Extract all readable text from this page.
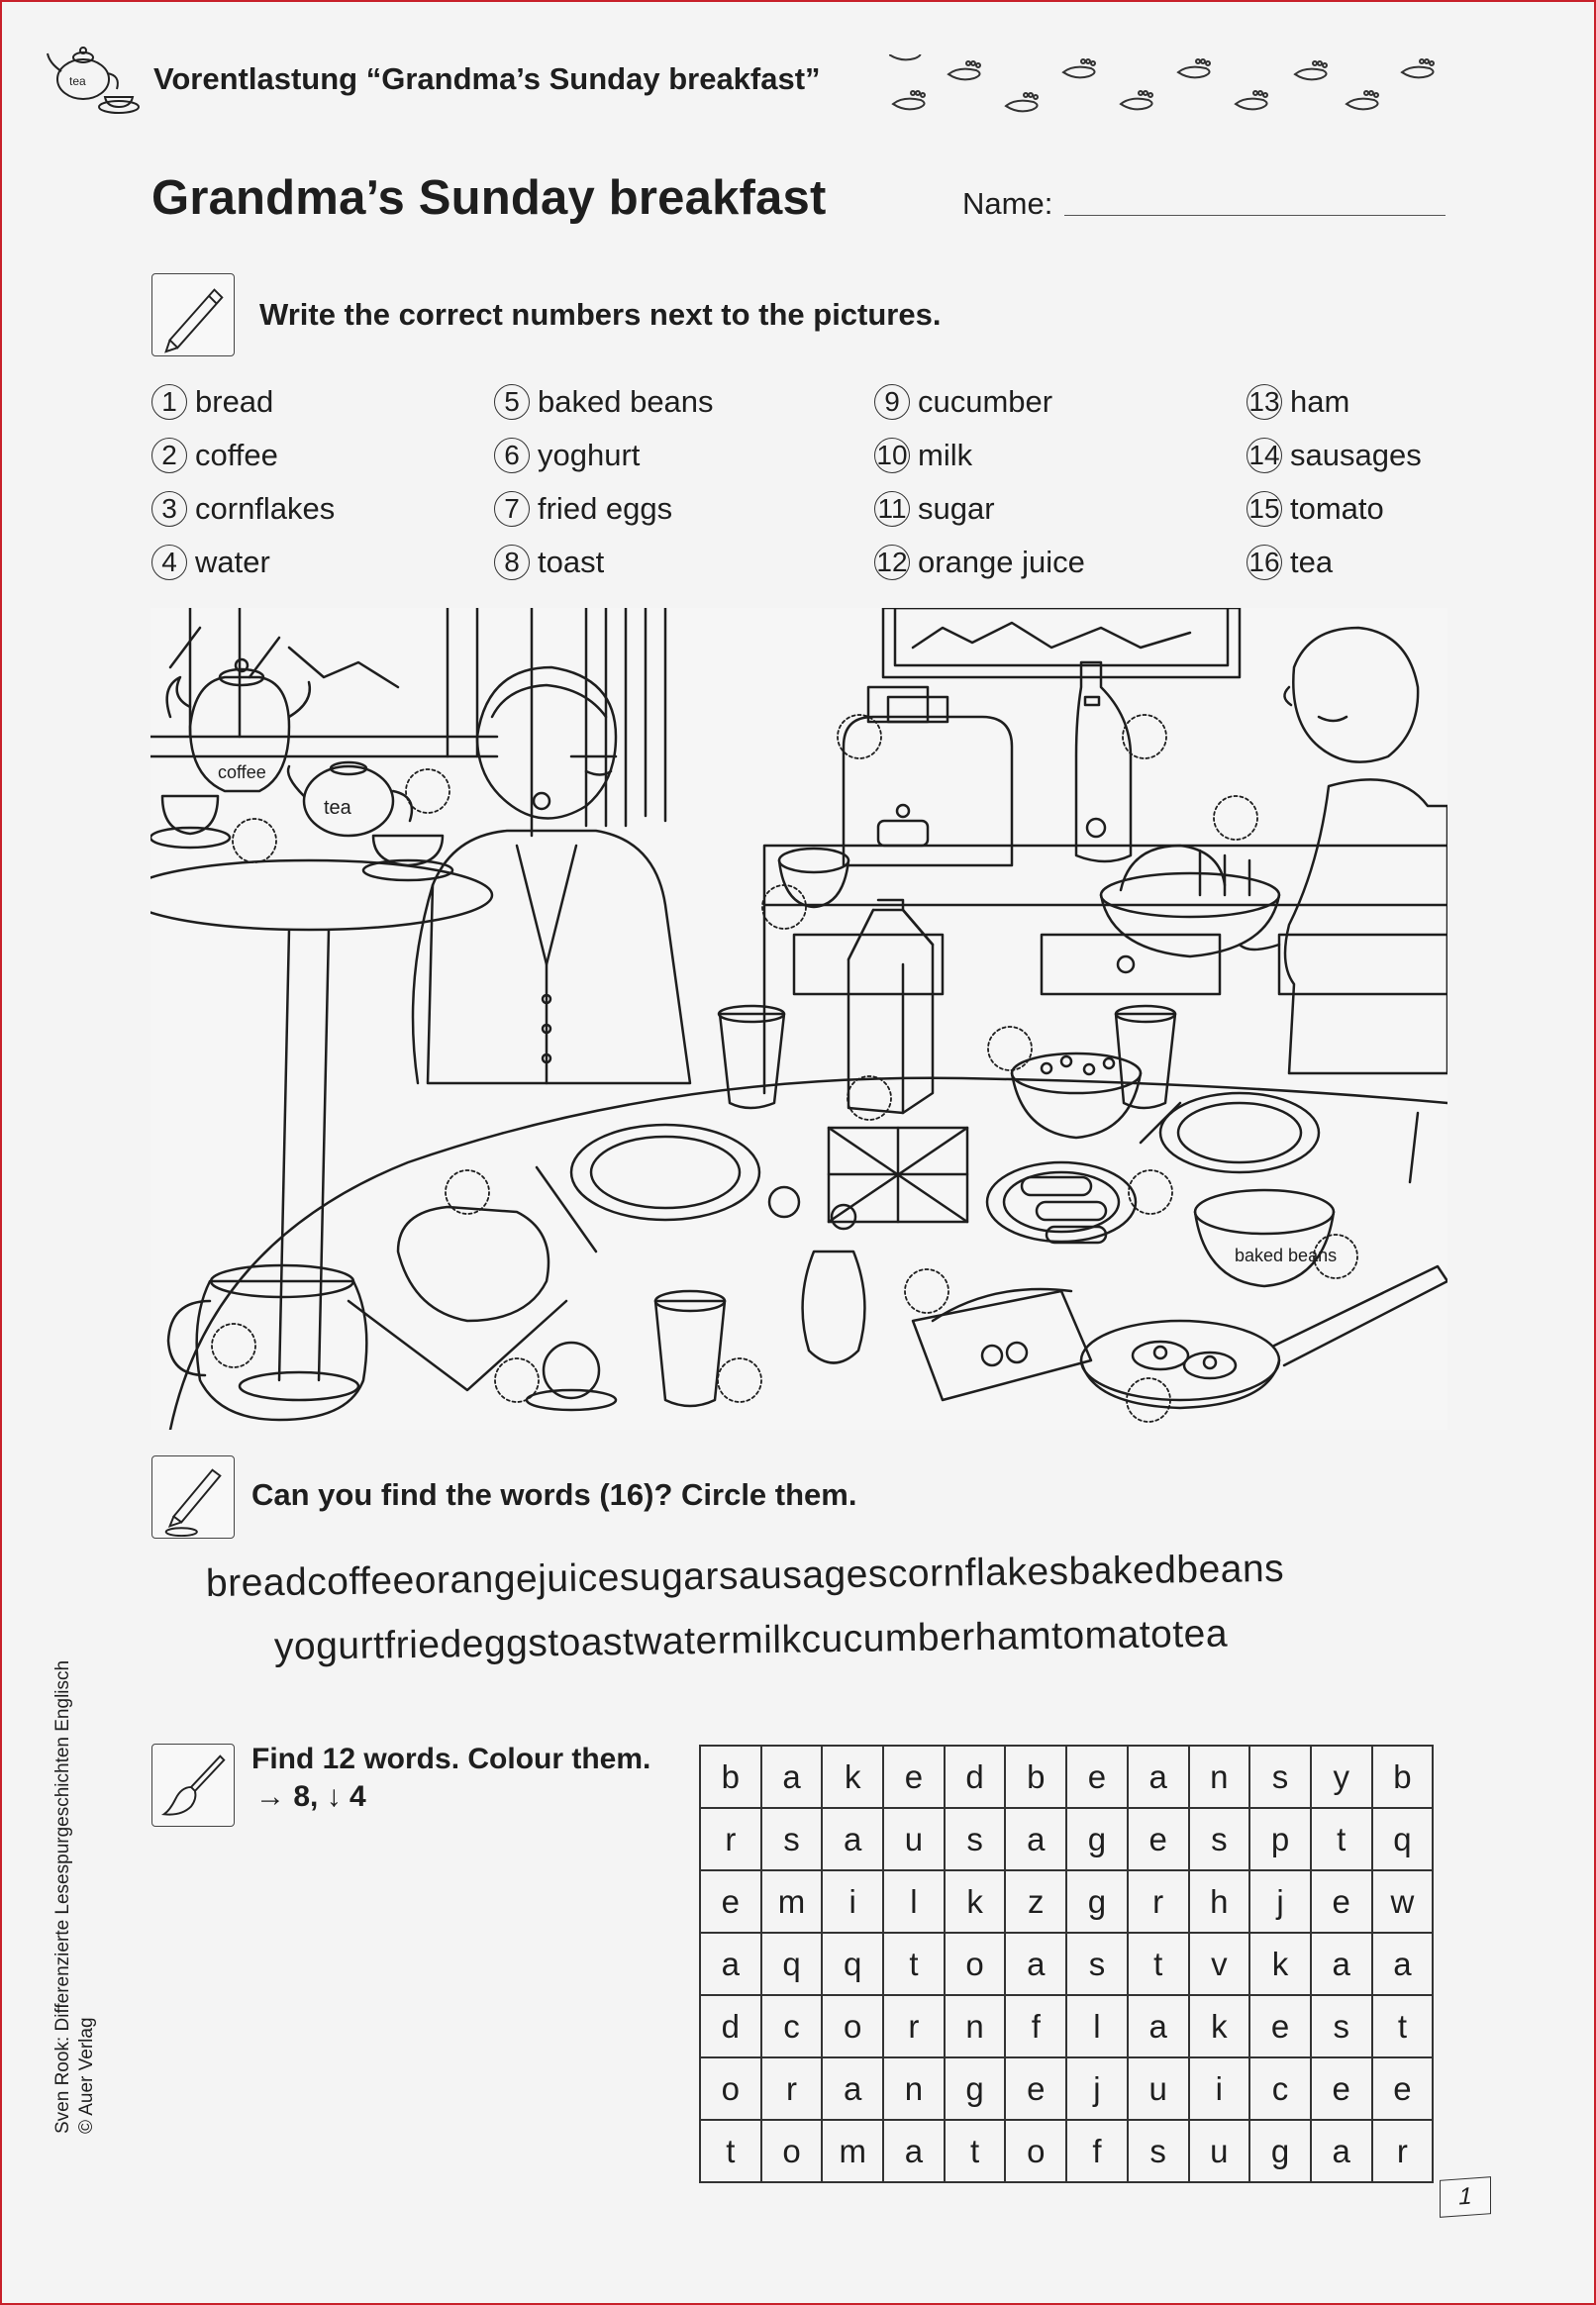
tea Vorentlastung “Grandma’s Sunday breakfast”
Grandma’s Sunday breakfast	Name:
Write the correct numbers next to the pictures.
1 bread
2 coffee
3 cornflakes
4 water
5 baked beans
6 yoghurt
7 fried eggs
8 toast
9 cucumber
10 milk
11 sugar
12 orange juice
13 ham
14 sausages
15 tomato
16 tea
coffee
tea
baked beans
Can you find the words (16)? Circle them.
breadcoffeeorangejuicesugarsausagescornflakesbakedbeans
yogurtfriedeggstoastwatermilkcucumberhamtomatotea
Find 12 words. Colour them.
→ 8, ↓ 4
b	a	k	e	d	b	e	a	n	s	y	b
r	s	a	u	s	a	g	e	s	p	t	q
e	m	i	l	k	z	g	r	h	j	e	w
a	q	q	t	o	a	s	t	v	k	a	a
d	c	o	r	n	f	l	a	k	e	s	t
o	r	a	n	g	e	j	u	i	c	e	e
t	o	m	a	t	o	f	s	u	g	a	r
Sven Rook: Differenzierte Lesespurgeschichten Englisch © Auer Verlag
1
